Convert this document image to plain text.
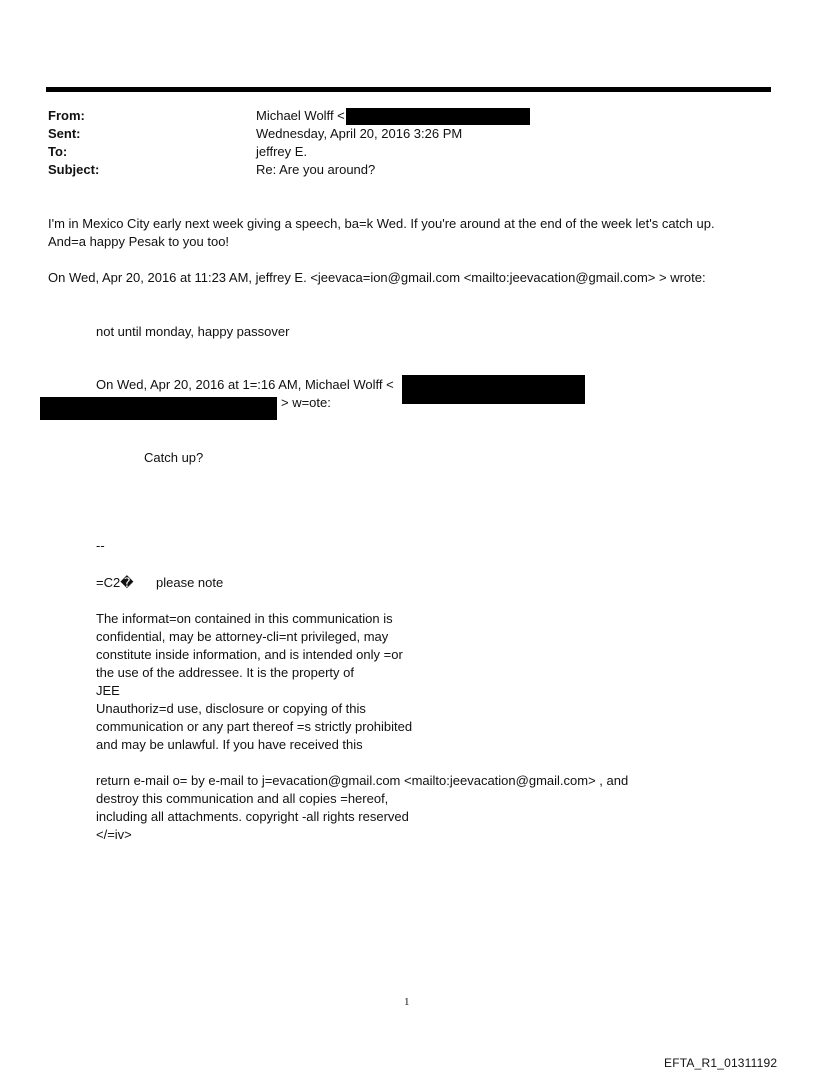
From:	Michael Wolff <
Sent:	Wednesday, April 20, 2016 3:26 PM
To:	jeffrey E.
Subject:	Re: Are you around?
I'm in Mexico City early next week giving a speech, ba=k Wed. If you're around at the end of the week let's catch up.
And=a happy Pesak to you too!
On Wed, Apr 20, 2016 at 11:23 AM, jeffrey E. <jeevaca=ion@gmail.com <mailto:jeevacation@gmail.com> > wrote:
not until monday, happy passover
On Wed, Apr 20, 2016 at 1=:16 AM, Michael Wolff <
> w=ote:
Catch up?
--
=C2� please note
The informat=on contained in this communication is
confidential, may be attorney-cli=nt privileged, may
constitute inside information, and is intended only =or
the use of the addressee. It is the property of
JEE
Unauthoriz=d use, disclosure or copying of this
communication or any part thereof =s strictly prohibited
and may be unlawful. If you have received this
return e-mail o= by e-mail to j=evacation@gmail.com <mailto:jeevacation@gmail.com> , and
destroy this communication and all copies =hereof,
including all attachments. copyright -all rights reserved
</=iv>
1
EFTA_R1_01311192
